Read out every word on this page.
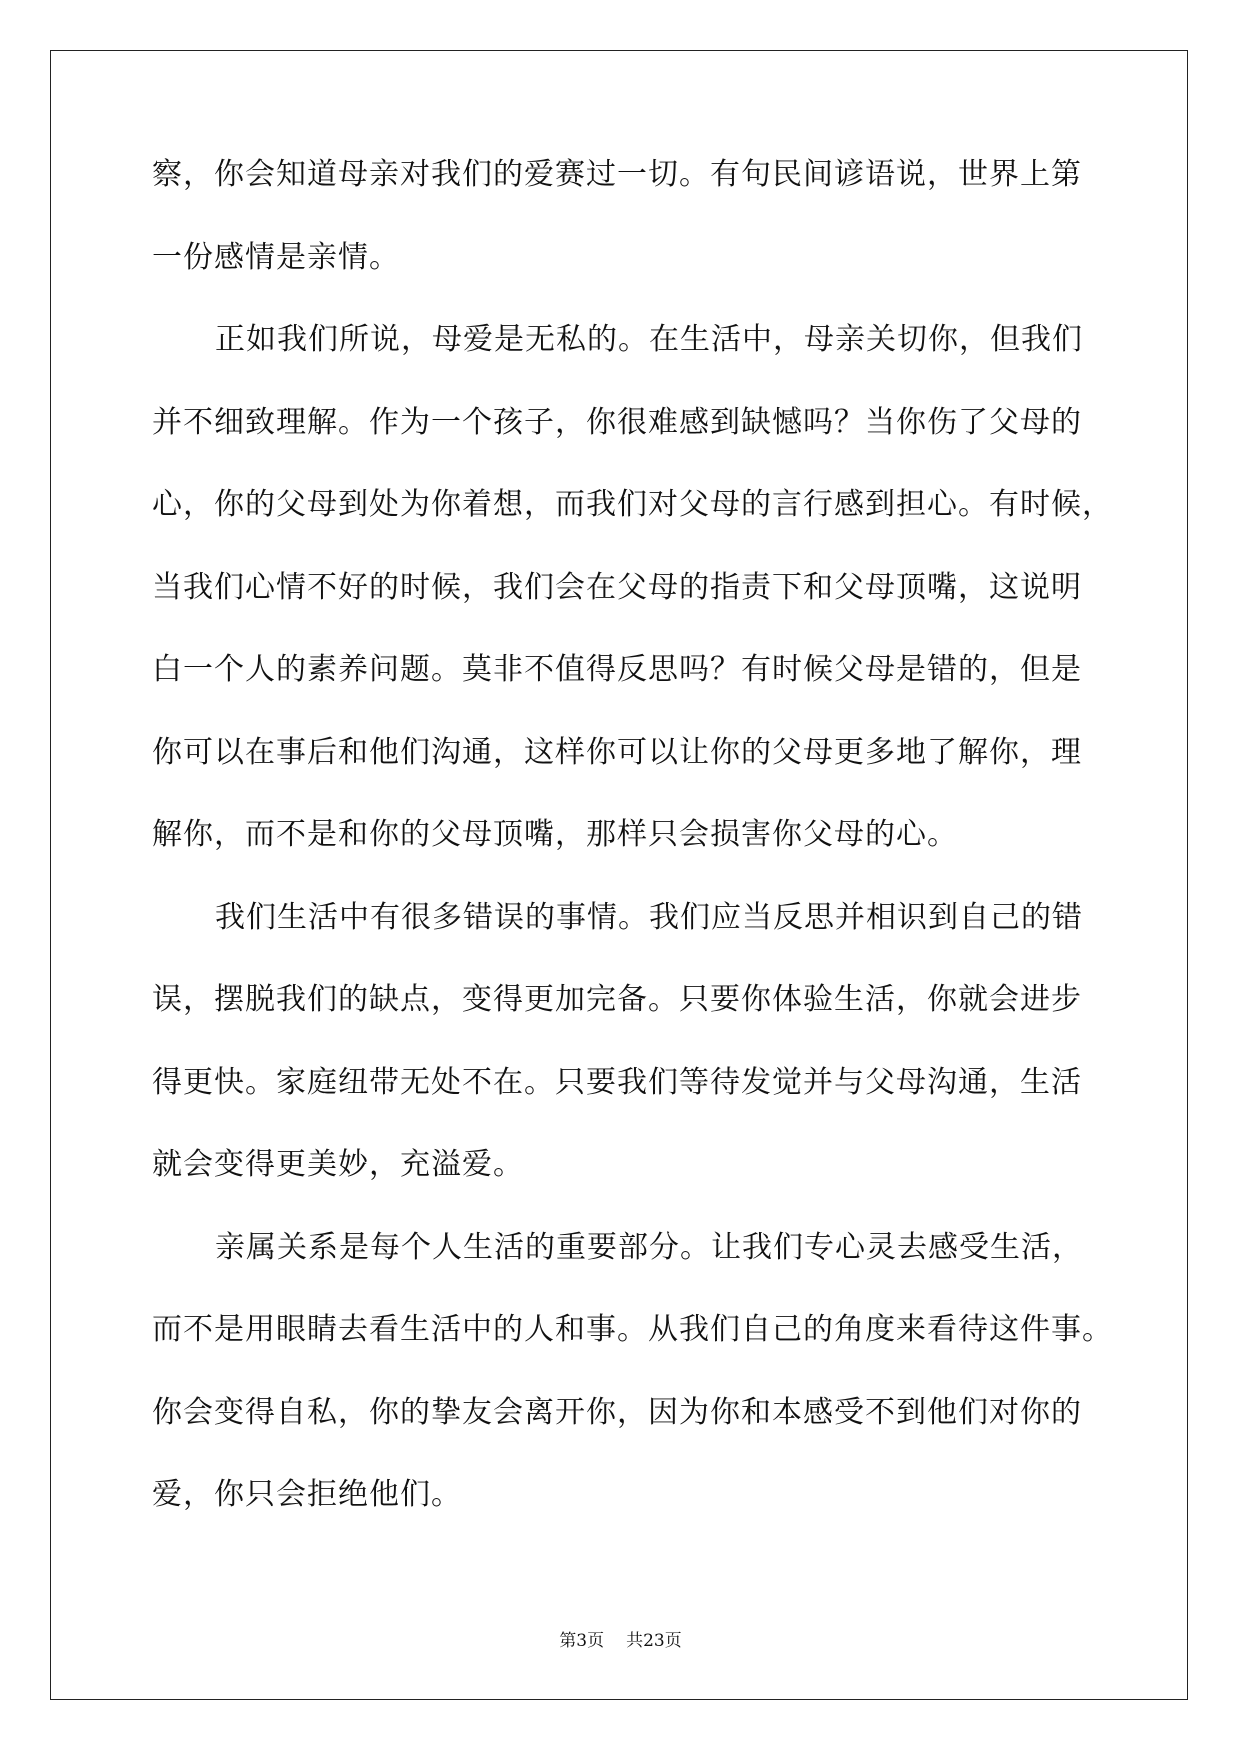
察，你会知道母亲对我们的爱赛过一切。有句民间谚语说，世界上第
一份感情是亲情。
正如我们所说，母爱是无私的。在生活中，母亲关切你，但我们
并不细致理解。作为一个孩子，你很难感到缺憾吗？当你伤了父母的
心，你的父母到处为你着想，而我们对父母的言行感到担心。有时候，
当我们心情不好的时候，我们会在父母的指责下和父母顶嘴，这说明
白一个人的素养问题。莫非不值得反思吗？有时候父母是错的，但是
你可以在事后和他们沟通，这样你可以让你的父母更多地了解你，理
解你，而不是和你的父母顶嘴，那样只会损害你父母的心。
我们生活中有很多错误的事情。我们应当反思并相识到自己的错
误，摆脱我们的缺点，变得更加完备。只要你体验生活，你就会进步
得更快。家庭纽带无处不在。只要我们等待发觉并与父母沟通，生活
就会变得更美妙，充溢爱。
亲属关系是每个人生活的重要部分。让我们专心灵去感受生活，
而不是用眼睛去看生活中的人和事。从我们自己的角度来看待这件事。
你会变得自私，你的挚友会离开你，因为你和本感受不到他们对你的
爱，你只会拒绝他们。
第3页 共23页
